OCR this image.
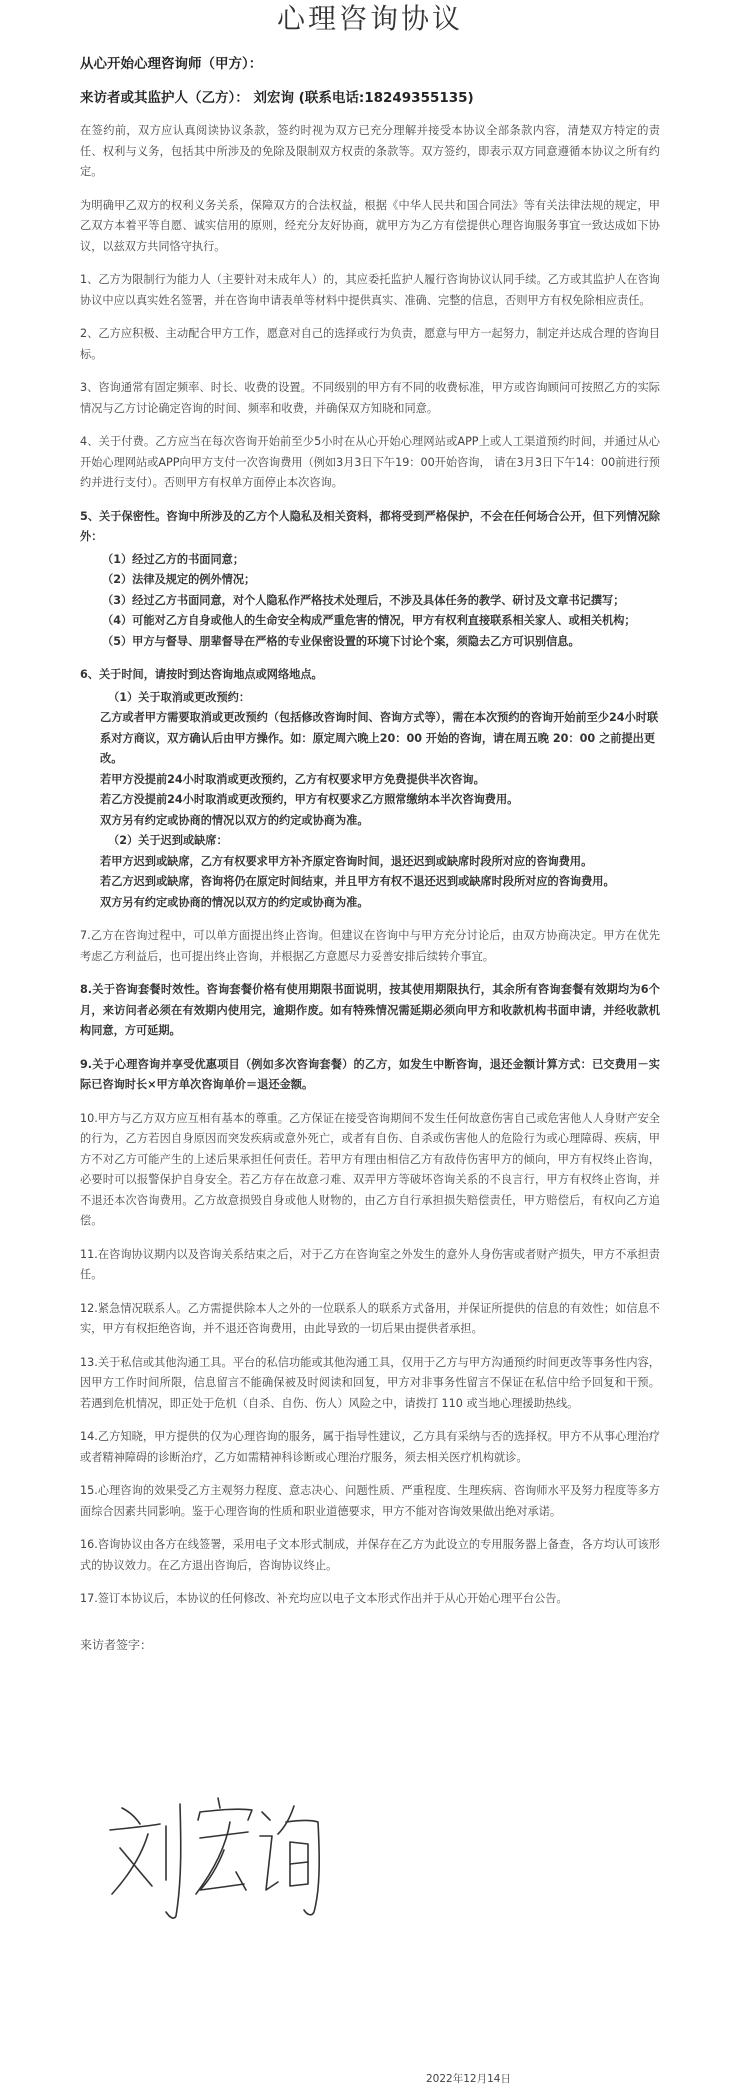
心理咨询协议
从心开始心理咨询师（甲方）：
来访者或其监护人（乙方）： 刘宏询 (联系电话:18249355135)
在签约前，双方应认真阅读协议条款，签约时视为双方已充分理解并接受本协议全部条款内容，清楚双方特定的责任、权利与义务，包括其中所涉及的免除及限制双方权责的条款等。双方签约，即表示双方同意遵循本协议之所有约定。
为明确甲乙双方的权利义务关系，保障双方的合法权益，根据《中华人民共和国合同法》等有关法律法规的规定，甲乙双方本着平等自愿、诚实信用的原则，经充分友好协商，就甲方为乙方有偿提供心理咨询服务事宜一致达成如下协议，以兹双方共同恪守执行。
1、乙方为限制行为能力人（主要针对未成年人）的，其应委托监护人履行咨询协议认同手续。乙方或其监护人在咨询协议中应以真实姓名签署，并在咨询申请表单等材料中提供真实、准确、完整的信息，否则甲方有权免除相应责任。
2、乙方应积极、主动配合甲方工作，愿意对自己的选择或行为负责，愿意与甲方一起努力，制定并达成合理的咨询目标。
3、咨询通常有固定频率、时长、收费的设置。不同级别的甲方有不同的收费标准，甲方或咨询顾问可按照乙方的实际情况与乙方讨论确定咨询的时间、频率和收费，并确保双方知晓和同意。
4、关于付费。乙方应当在每次咨询开始前至少5小时在从心开始心理网站或APP上或人工渠道预约时间，并通过从心开始心理网站或APP向甲方支付一次咨询费用（例如3月3日下午19：00开始咨询， 请在3月3日下午14：00前进行预约并进行支付）。否则甲方有权单方面停止本次咨询。
5、关于保密性。咨询中所涉及的乙方个人隐私及相关资料，都将受到严格保护，不会在任何场合公开，但下列情况除外：
（1）经过乙方的书面同意；
（2）法律及规定的例外情况；
（3）经过乙方书面同意，对个人隐私作严格技术处理后，不涉及具体任务的教学、研讨及文章书记撰写；
（4）可能对乙方自身或他人的生命安全构成严重危害的情况，甲方有权利直接联系相关家人、或相关机构；
（5）甲方与督导、朋辈督导在严格的专业保密设置的环境下讨论个案，须隐去乙方可识别信息。
6、关于时间，请按时到达咨询地点或网络地点。
（1）关于取消或更改预约：
乙方或者甲方需要取消或更改预约（包括修改咨询时间、咨询方式等），需在本次预约的咨询开始前至少24小时联系对方商议，双方确认后由甲方操作。如：原定周六晚上20：00 开始的咨询，请在周五晚 20：00 之前提出更改。
若甲方没提前24小时取消或更改预约，乙方有权要求甲方免费提供半次咨询。
若乙方没提前24小时取消或更改预约，甲方有权要求乙方照常缴纳本半次咨询费用。
双方另有约定或协商的情况以双方的约定或协商为准。
（2）关于迟到或缺席：
若甲方迟到或缺席，乙方有权要求甲方补齐原定咨询时间，退还迟到或缺席时段所对应的咨询费用。
若乙方迟到或缺席，咨询将仍在原定时间结束，并且甲方有权不退还迟到或缺席时段所对应的咨询费用。
双方另有约定或协商的情况以双方的约定或协商为准。
7.乙方在咨询过程中，可以单方面提出终止咨询。但建议在咨询中与甲方充分讨论后，由双方协商决定。甲方在优先考虑乙方利益后，也可提出终止咨询，并根据乙方意愿尽力妥善安排后续转介事宜。
8.关于咨询套餐时效性。咨询套餐价格有使用期限书面说明，按其使用期限执行，其余所有咨询套餐有效期均为6个月，来访问者必须在有效期内使用完，逾期作废。如有特殊情况需延期必须向甲方和收款机构书面申请，并经收款机构同意，方可延期。
9.关于心理咨询并享受优惠项目（例如多次咨询套餐）的乙方，如发生中断咨询，退还金额计算方式：已交费用－实际已咨询时长×甲方单次咨询单价＝退还金额。
10.甲方与乙方双方应互相有基本的尊重。乙方保证在接受咨询期间不发生任何故意伤害自己或危害他人人身财产安全的行为，乙方若因自身原因而突发疾病或意外死亡，或者有自伤、自杀或伤害他人的危险行为或心理障碍、疾病，甲方不对乙方可能产生的上述后果承担任何责任。若甲方有理由相信乙方有敌侍伤害甲方的倾向，甲方有权终止咨询，必要时可以报警保护自身安全。若乙方存在故意刁难、双弄甲方等破坏咨询关系的不良言行，甲方有权终止咨询，并不退还本次咨询费用。乙方故意损毁自身或他人财物的，由乙方自行承担损失赔偿责任，甲方赔偿后，有权向乙方追偿。
11.在咨询协议期内以及咨询关系结束之后，对于乙方在咨询室之外发生的意外人身伤害或者财产损失，甲方不承担责任。
12.紧急情况联系人。乙方需提供除本人之外的一位联系人的联系方式备用，并保证所提供的信息的有效性；如信息不实，甲方有权拒绝咨询，并不退还咨询费用，由此导致的一切后果由提供者承担。
13.关于私信或其他沟通工具。平台的私信功能或其他沟通工具，仅用于乙方与甲方沟通预约时间更改等事务性内容，因甲方工作时间所限，信息留言不能确保被及时阅读和回复，甲方对非事务性留言不保证在私信中给予回复和干预。若遇到危机情况，即正处于危机（自杀、自伤、伤人）风险之中，请拨打 110 或当地心理援助热线。
14.乙方知晓，甲方提供的仅为心理咨询的服务，属于指导性建议，乙方具有采纳与否的选择权。甲方不从事心理治疗或者精神障碍的诊断治疗，乙方如需精神科诊断或心理治疗服务，须去相关医疗机构就诊。
15.心理咨询的效果受乙方主观努力程度、意志决心、问题性质、严重程度、生理疾病、咨询师水平及努力程度等多方面综合因素共同影响。鉴于心理咨询的性质和职业道德要求，甲方不能对咨询效果做出绝对承诺。
16.咨询协议由各方在线签署，采用电子文本形式制成，并保存在乙方为此设立的专用服务器上备查，各方均认可该形式的协议效力。在乙方退出咨询后，咨询协议终止。
17.签订本协议后，本协议的任何修改、补充均应以电子文本形式作出并于从心开始心理平台公告。
来访者签字：
2022年12月14日
